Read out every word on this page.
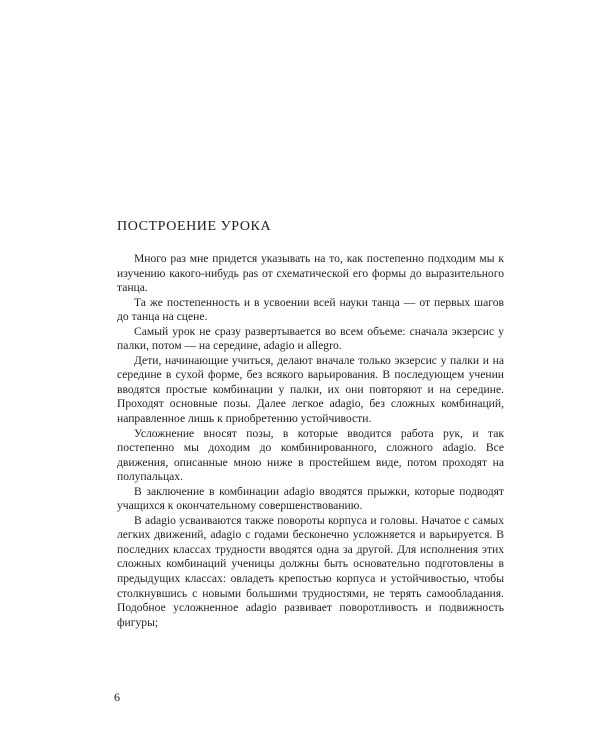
ПОСТРОЕНИЕ УРОКА

Много раз мне придется указывать на то, как постепенно подходим мы к изучению какого-нибудь pas от схематической его формы до выразительного танца.

Та же постепенность и в усвоении всей науки танца — от первых шагов до танца на сцене.

Самый урок не сразу развертывается во всем объеме: сначала экзерсис у палки, потом — на середине, adagio и allegro.

Дети, начинающие учиться, делают вначале только экзерсис у палки и на середине в сухой форме, без всякого варьирования. В последующем учении вводятся простые комбинации у палки, их они повторяют и на середине. Проходят основные позы. Далее легкое adagio, без сложных комбинаций, направленное лишь к приобретению устойчивости.

Усложнение вносят позы, в которые вводится работа рук, и так постепенно мы доходим до комбинированного, сложного adagio. Все движения, описанные мною ниже в простейшем виде, потом проходят на полупальцах.

В заключение в комбинации adagio вводятся прыжки, которые подводят учащихся к окончательному совершенствованию.

В adagio усваиваются также повороты корпуса и головы. Начатое с самых легких движений, adagio с годами бесконечно усложняется и варьируется. В последних классах трудности вводятся одна за другой. Для исполнения этих сложных комбинаций ученицы должны быть основательно подготовлены в предыдущих классах: овладеть крепостью корпуса и устойчивостью, чтобы столкнувшись с новыми большими трудностями, не терять самообладания. Подобное усложненное adagio развивает поворотливость и подвижность фигуры;

6
